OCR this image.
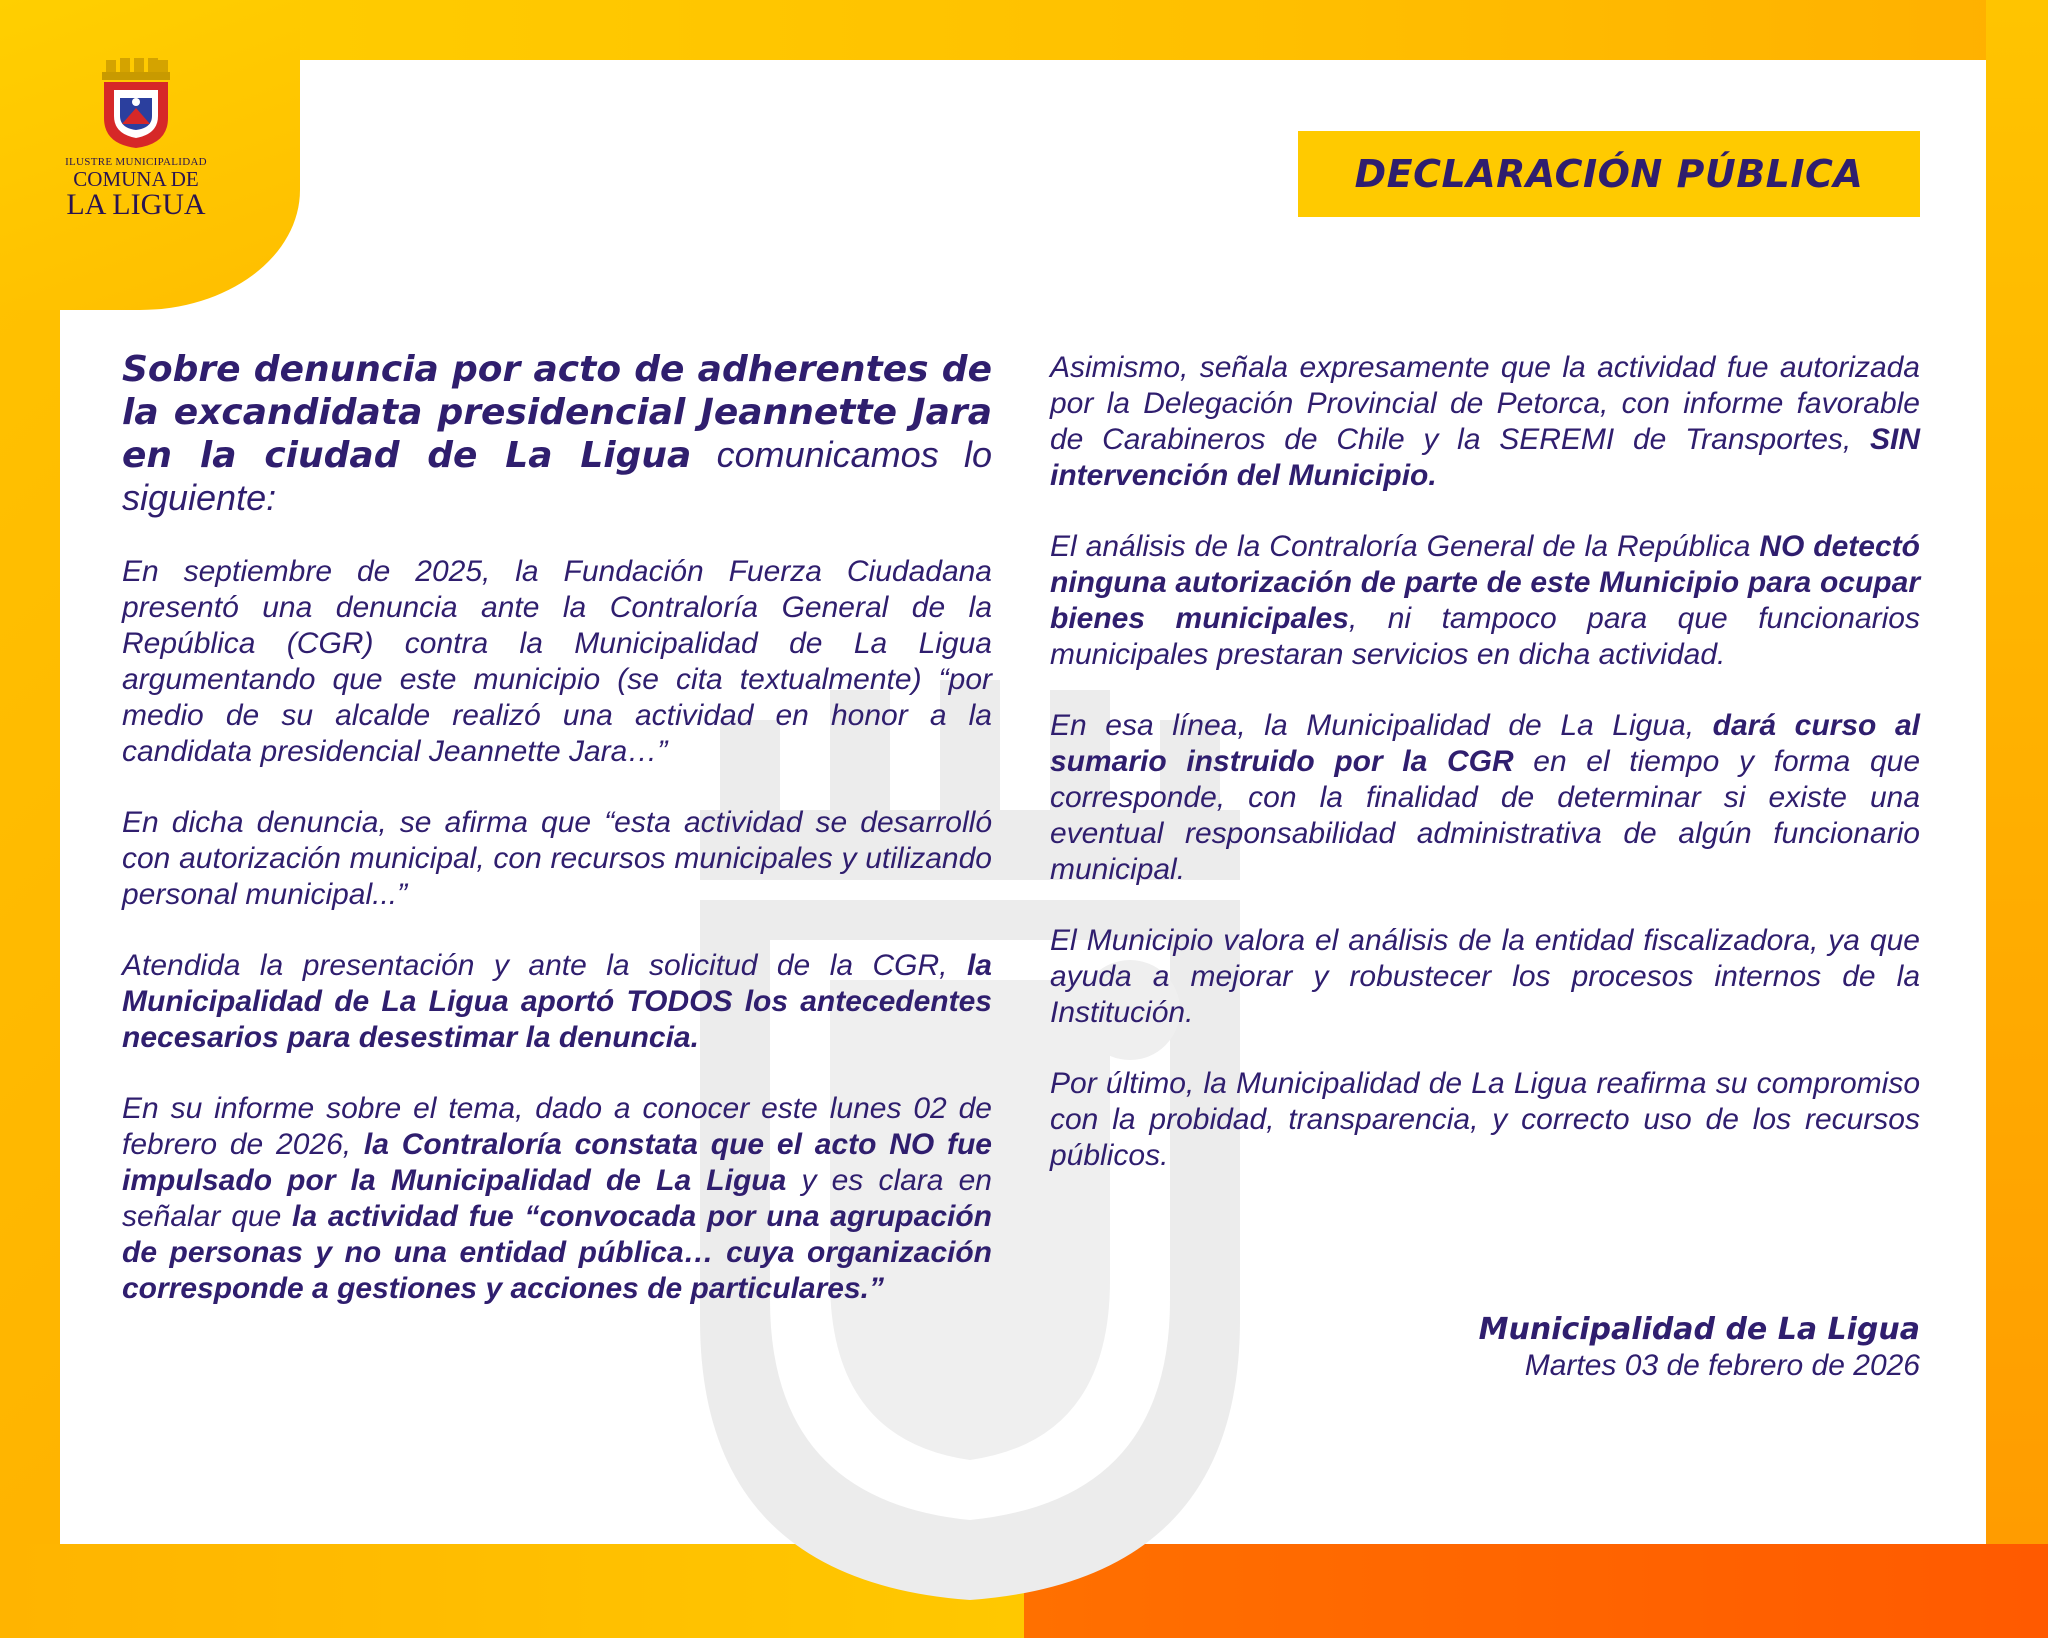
ILUSTRE MUNICIPALIDAD
COMUNA DE
LA LIGUA
DECLARACIÓN PÚBLICA

Sobre denuncia por acto de adherentes de la excandidata presidencial Jeannette Jara en la ciudad de La Ligua comunicamos lo siguiente:

En septiembre de 2025, la Fundación Fuerza Ciudadana presentó una denuncia ante la Contraloría General de la República (CGR) contra la Municipalidad de La Ligua argumentando que este municipio (se cita textualmente) “por medio de su alcalde realizó una actividad en honor a la candidata presidencial Jeannette Jara…”

En dicha denuncia, se afirma que “esta actividad se desarrolló con autorización municipal, con recursos municipales y utilizando personal municipal...”

Atendida la presentación y ante la solicitud de la CGR, la Municipalidad de La Ligua aportó TODOS los antecedentes necesarios para desestimar la denuncia.

En su informe sobre el tema, dado a conocer este lunes 02 de febrero de 2026, la Contraloría constata que el acto NO fue impulsado por la Municipalidad de La Ligua y es clara en señalar que la actividad fue “convocada por una agrupación de personas y no una entidad pública… cuya organización corresponde a gestiones y acciones de particulares.”

Asimismo, señala expresamente que la actividad fue autorizada por la Delegación Provincial de Petorca, con informe favorable de Carabineros de Chile y la SEREMI de Transportes, SIN intervención del Municipio.

El análisis de la Contraloría General de la República NO detectó ninguna autorización de parte de este Municipio para ocupar bienes municipales, ni tampoco para que funcionarios municipales prestaran servicios en dicha actividad.

En esa línea, la Municipalidad de La Ligua, dará curso al sumario instruido por la CGR en el tiempo y forma que corresponde, con la finalidad de determinar si existe una eventual responsabilidad administrativa de algún funcionario municipal.

El Municipio valora el análisis de la entidad fiscalizadora, ya que ayuda a mejorar y robustecer los procesos internos de la Institución.

Por último, la Municipalidad de La Ligua reafirma su compromiso con la probidad, transparencia, y correcto uso de los recursos públicos.

Municipalidad de La Ligua
Martes 03 de febrero de 2026
